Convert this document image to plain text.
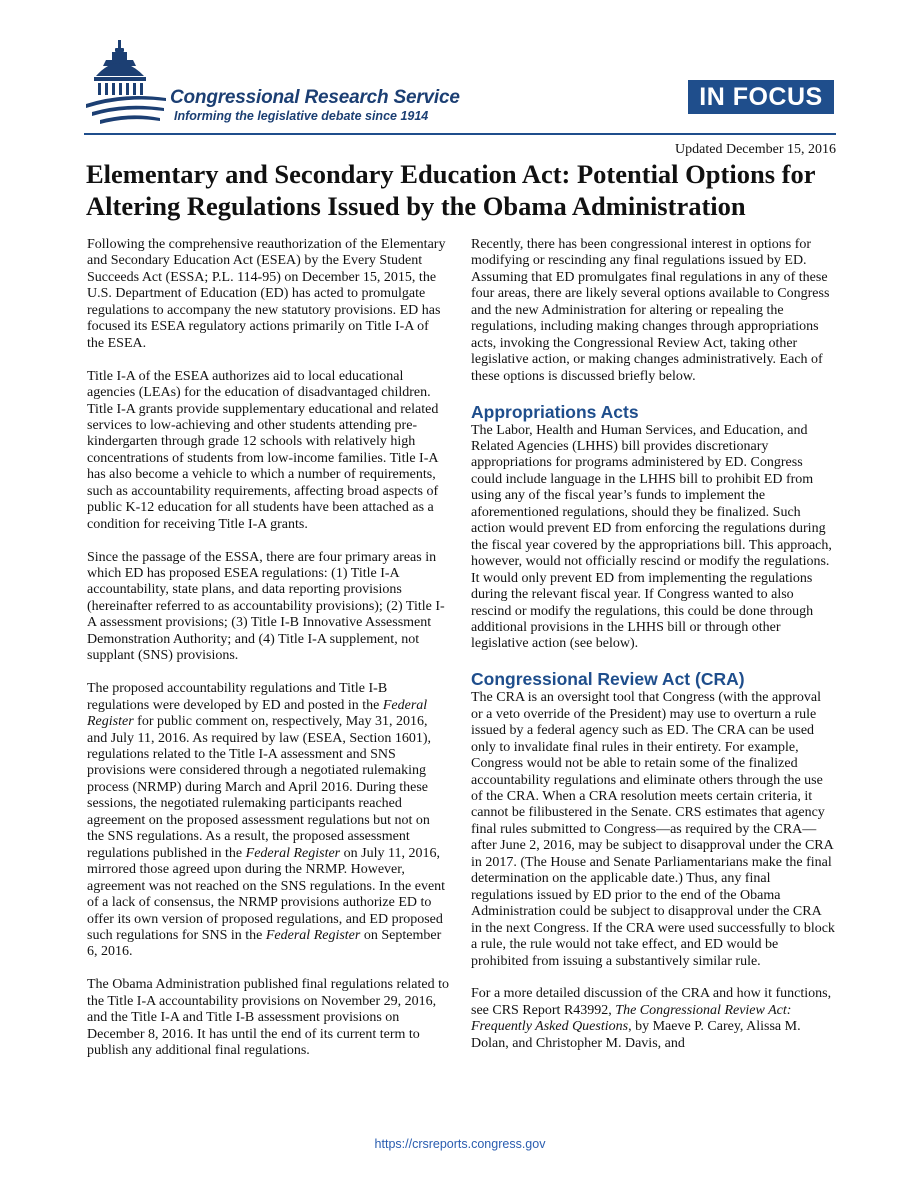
Congressional Research Service
Informing the legislative debate since 1914
IN FOCUS
Updated December 15, 2016
Elementary and Secondary Education Act: Potential Options for Altering Regulations Issued by the Obama Administration

Following the comprehensive reauthorization of the Elementary and Secondary Education Act (ESEA) by the Every Student Succeeds Act (ESSA; P.L. 114-95) on December 15, 2015, the U.S. Department of Education (ED) has acted to promulgate regulations to accompany the new statutory provisions. ED has focused its ESEA regulatory actions primarily on Title I-A of the ESEA.

Title I-A of the ESEA authorizes aid to local educational agencies (LEAs) for the education of disadvantaged children. Title I-A grants provide supplementary educational and related services to low-achieving and other students attending pre-kindergarten through grade 12 schools with relatively high concentrations of students from low-income families. Title I-A has also become a vehicle to which a number of requirements, such as accountability requirements, affecting broad aspects of public K-12 education for all students have been attached as a condition for receiving Title I-A grants.

Since the passage of the ESSA, there are four primary areas in which ED has proposed ESEA regulations: (1) Title I-A accountability, state plans, and data reporting provisions (hereinafter referred to as accountability provisions); (2) Title I-A assessment provisions; (3) Title I-B Innovative Assessment Demonstration Authority; and (4) Title I-A supplement, not supplant (SNS) provisions.

The proposed accountability regulations and Title I-B regulations were developed by ED and posted in the Federal Register for public comment on, respectively, May 31, 2016, and July 11, 2016. As required by law (ESEA, Section 1601), regulations related to the Title I-A assessment and SNS provisions were considered through a negotiated rulemaking process (NRMP) during March and April 2016. During these sessions, the negotiated rulemaking participants reached agreement on the proposed assessment regulations but not on the SNS regulations. As a result, the proposed assessment regulations published in the Federal Register on July 11, 2016, mirrored those agreed upon during the NRMP. However, agreement was not reached on the SNS regulations. In the event of a lack of consensus, the NRMP provisions authorize ED to offer its own version of proposed regulations, and ED proposed such regulations for SNS in the Federal Register on September 6, 2016.

The Obama Administration published final regulations related to the Title I-A accountability provisions on November 29, 2016, and the Title I-A and Title I-B assessment provisions on December 8, 2016. It has until the end of its current term to publish any additional final regulations.

Recently, there has been congressional interest in options for modifying or rescinding any final regulations issued by ED. Assuming that ED promulgates final regulations in any of these four areas, there are likely several options available to Congress and the new Administration for altering or repealing the regulations, including making changes through appropriations acts, invoking the Congressional Review Act, taking other legislative action, or making changes administratively. Each of these options is discussed briefly below.

Appropriations Acts

The Labor, Health and Human Services, and Education, and Related Agencies (LHHS) bill provides discretionary appropriations for programs administered by ED. Congress could include language in the LHHS bill to prohibit ED from using any of the fiscal year’s funds to implement the aforementioned regulations, should they be finalized. Such action would prevent ED from enforcing the regulations during the fiscal year covered by the appropriations bill. This approach, however, would not officially rescind or modify the regulations. It would only prevent ED from implementing the regulations during the relevant fiscal year. If Congress wanted to also rescind or modify the regulations, this could be done through additional provisions in the LHHS bill or through other legislative action (see below).

Congressional Review Act (CRA)

The CRA is an oversight tool that Congress (with the approval or a veto override of the President) may use to overturn a rule issued by a federal agency such as ED. The CRA can be used only to invalidate final rules in their entirety. For example, Congress would not be able to retain some of the finalized accountability regulations and eliminate others through the use of the CRA. When a CRA resolution meets certain criteria, it cannot be filibustered in the Senate. CRS estimates that agency final rules submitted to Congress—as required by the CRA—after June 2, 2016, may be subject to disapproval under the CRA in 2017. (The House and Senate Parliamentarians make the final determination on the applicable date.) Thus, any final regulations issued by ED prior to the end of the Obama Administration could be subject to disapproval under the CRA in the next Congress. If the CRA were used successfully to block a rule, the rule would not take effect, and ED would be prohibited from issuing a substantively similar rule.

For a more detailed discussion of the CRA and how it functions, see CRS Report R43992, The Congressional Review Act: Frequently Asked Questions, by Maeve P. Carey, Alissa M. Dolan, and Christopher M. Davis, and

https://crsreports.congress.gov
